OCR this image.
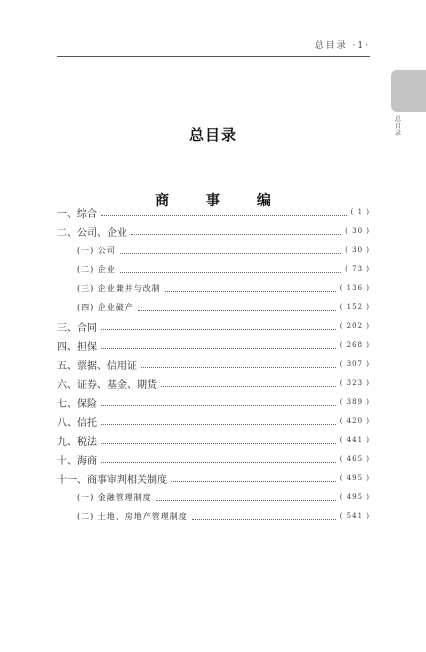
总目录 ·1·
总目录
总目录
商 事 编
一、综合	( 1 )
二、公司、企业	( 30 )
(一) 公司	( 30 )
(二) 企业	( 73 )
(三) 企业兼并与改制	( 136 )
(四) 企业破产	( 152 )
三、合同	( 202 )
四、担保	( 268 )
五、票据、信用证	( 307 )
六、证券、基金、期货	( 323 )
七、保险	( 389 )
八、信托	( 420 )
九、税法	( 441 )
十、海商	( 465 )
十一、商事审判相关制度	( 495 )
(一) 金融管理制度	( 495 )
(二) 土地、房地产管理制度	( 541 )
